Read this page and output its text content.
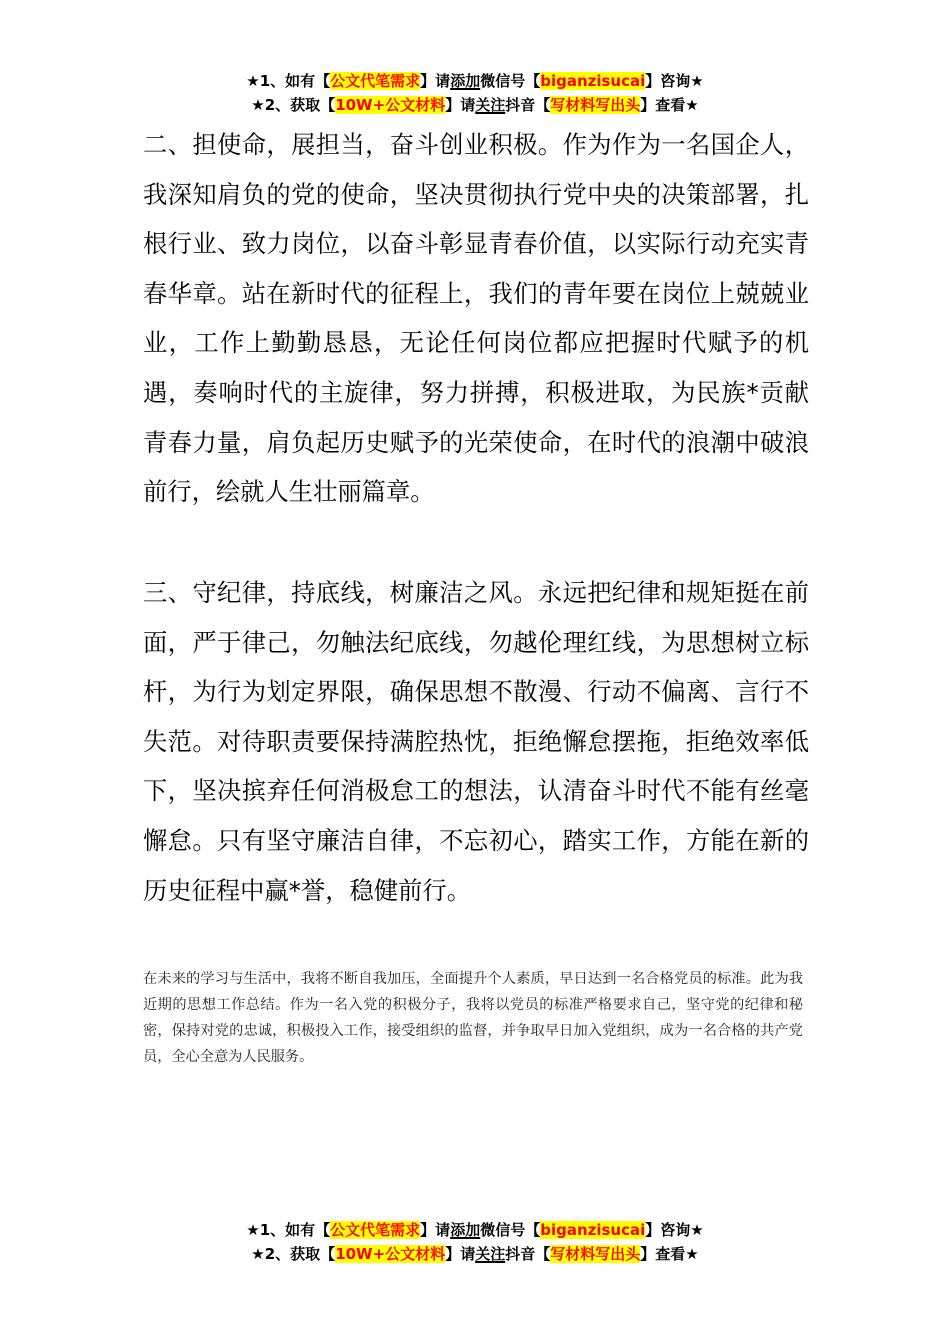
★1、如有【公文代笔需求】请添加微信号【biganzisucai】咨询★
★2、获取【10W+公文材料】请关注抖音【写材料写出头】查看★

二、担使命，展担当，奋斗创业积极。作为作为一名国企人，我深知肩负的党的使命，坚决贯彻执行党中央的决策部署，扎根行业、致力岗位，以奋斗彰显青春价值，以实际行动充实青春华章。站在新时代的征程上，我们的青年要在岗位上兢兢业业，工作上勤勤恳恳，无论任何岗位都应把握时代赋予的机遇，奏响时代的主旋律，努力拼搏，积极进取，为民族*贡献青春力量，肩负起历史赋予的光荣使命，在时代的浪潮中破浪前行，绘就人生壮丽篇章。

三、守纪律，持底线，树廉洁之风。永远把纪律和规矩挺在前面，严于律己，勿触法纪底线，勿越伦理红线，为思想树立标杆，为行为划定界限，确保思想不散漫、行动不偏离、言行不失范。对待职责要保持满腔热忱，拒绝懈怠摆拖，拒绝效率低下，坚决摈弃任何消极怠工的想法，认清奋斗时代不能有丝毫懈怠。只有坚守廉洁自律，不忘初心，踏实工作，方能在新的历史征程中赢*誉，稳健前行。

在未来的学习与生活中，我将不断自我加压，全面提升个人素质，早日达到一名合格党员的标准。此为我近期的思想工作总结。作为一名入党的积极分子，我将以党员的标准严格要求自己，坚守党的纪律和秘密，保持对党的忠诚，积极投入工作，接受组织的监督，并争取早日加入党组织，成为一名合格的共产党员，全心全意为人民服务。

★1、如有【公文代笔需求】请添加微信号【biganzisucai】咨询★
★2、获取【10W+公文材料】请关注抖音【写材料写出头】查看★
